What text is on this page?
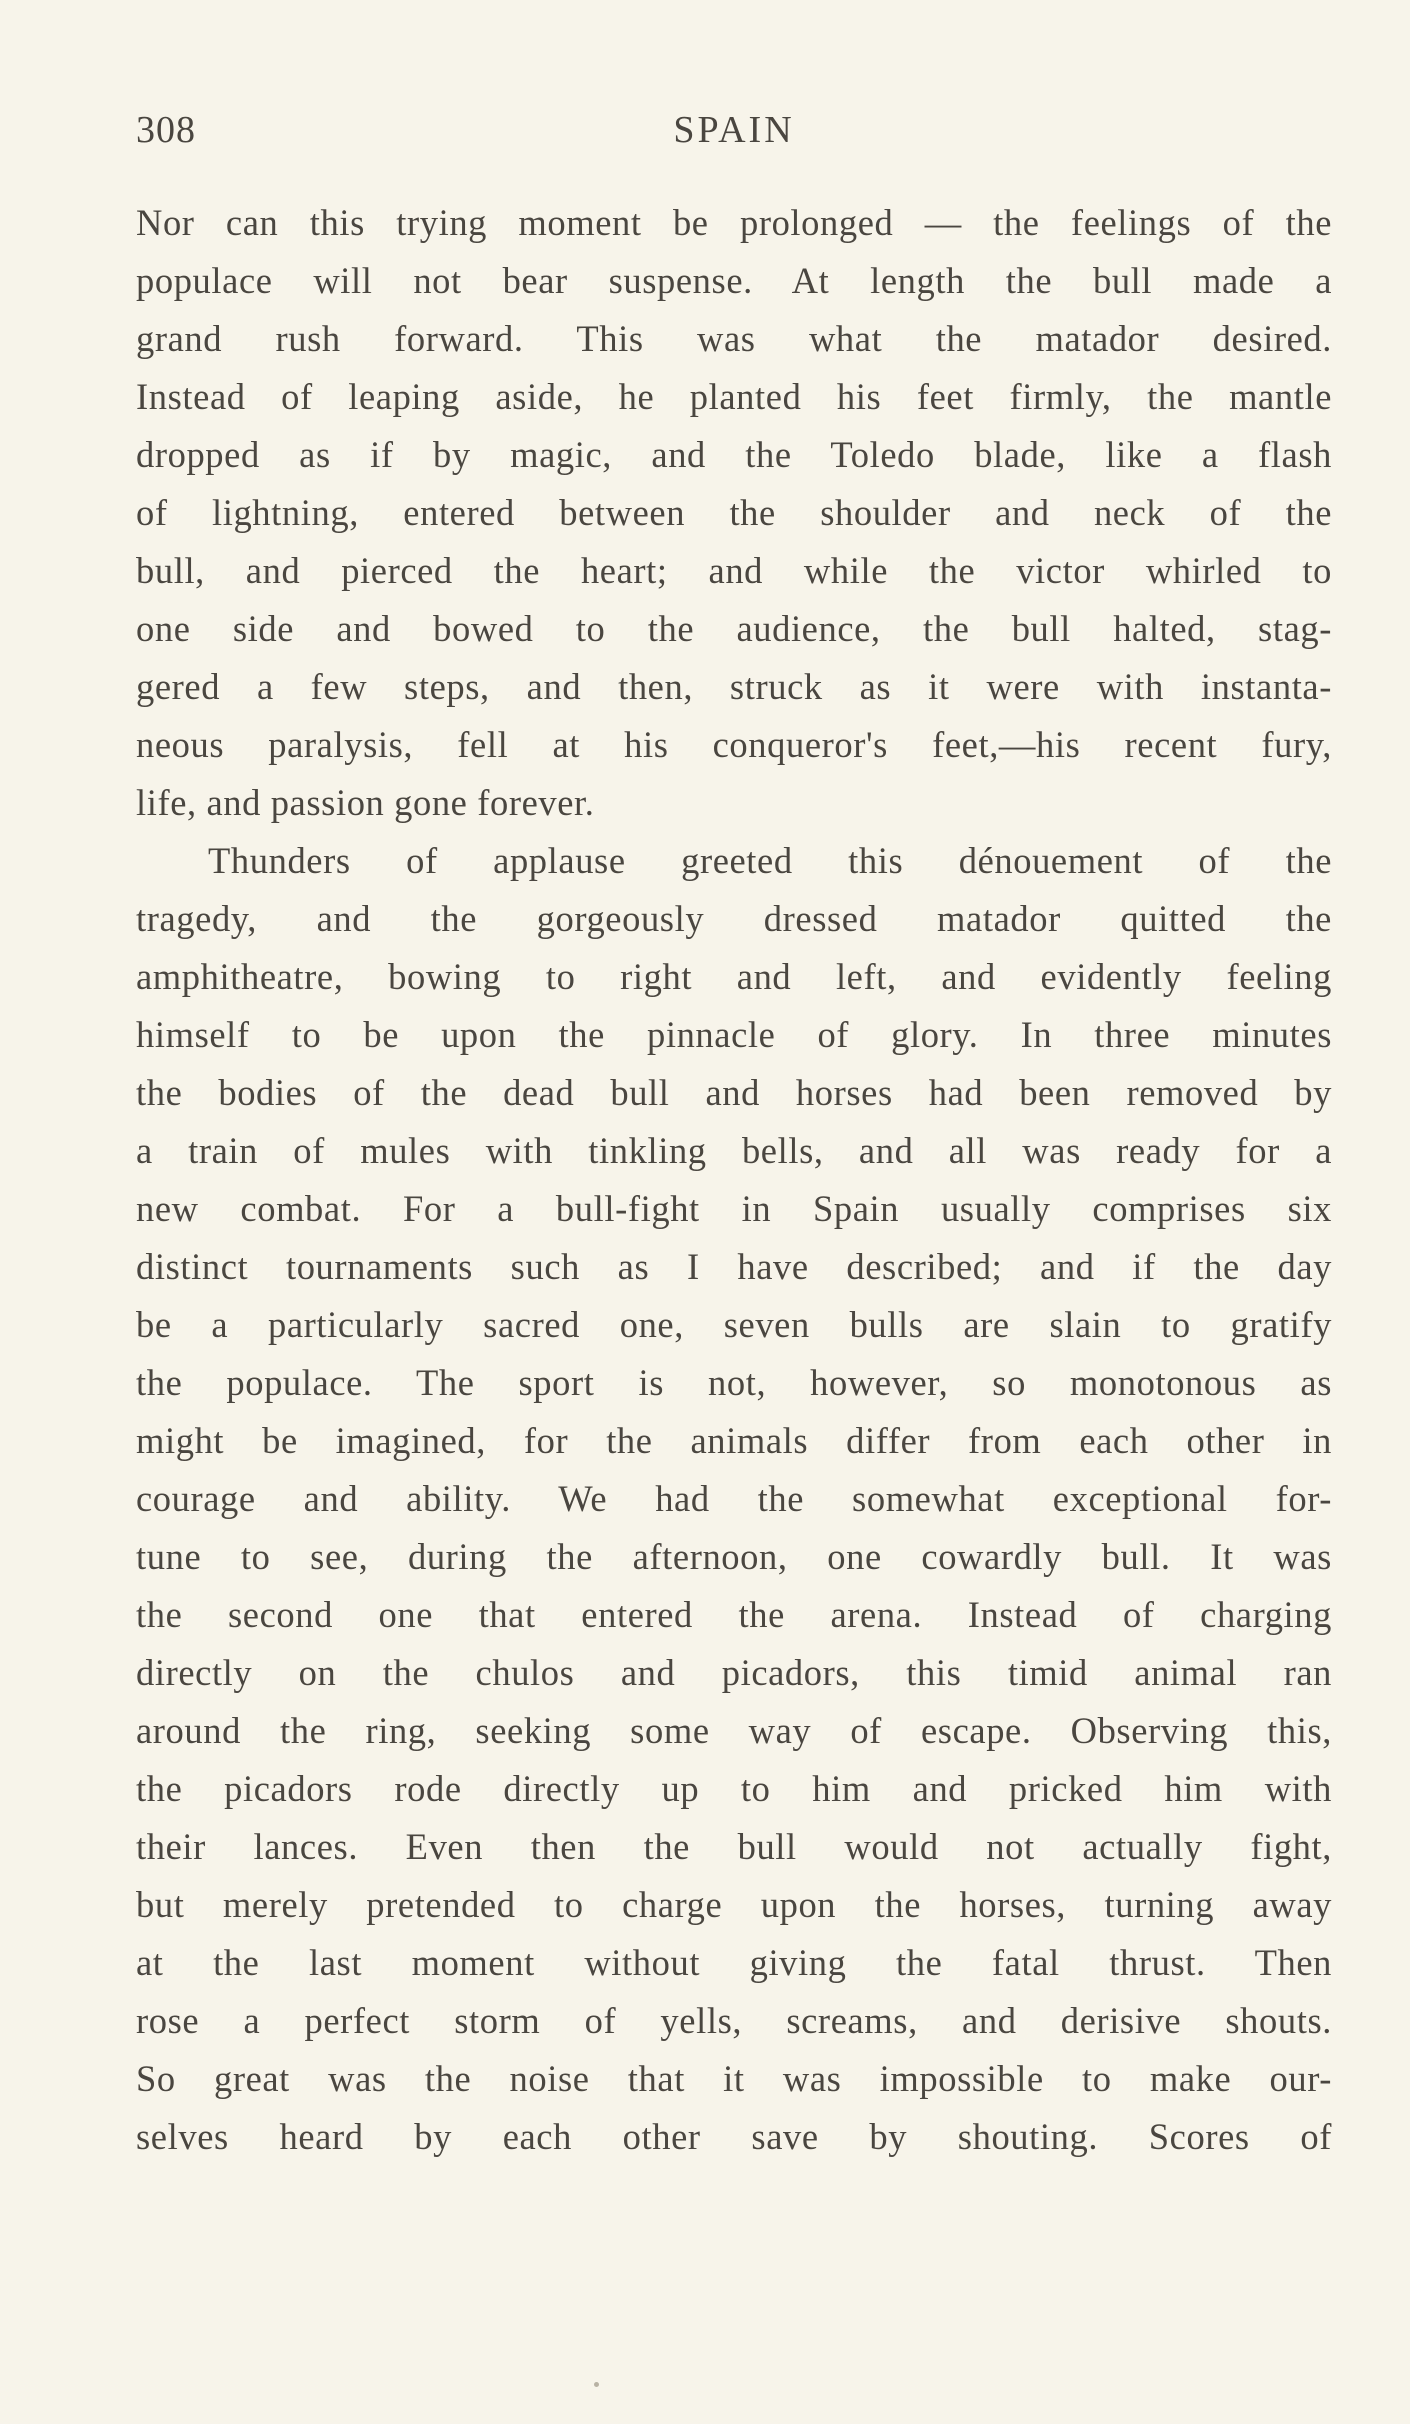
308	SPAIN
Nor can this trying moment be prolonged — the feelings of the
populace will not bear suspense. At length the bull made a
grand rush forward. This was what the matador desired.
Instead of leaping aside, he planted his feet firmly, the mantle
dropped as if by magic, and the Toledo blade, like a flash
of lightning, entered between the shoulder and neck of the
bull, and pierced the heart; and while the victor whirled to
one side and bowed to the audience, the bull halted, stag-
gered a few steps, and then, struck as it were with instanta-
neous paralysis, fell at his conqueror's feet,—his recent fury,
life, and passion gone forever.
Thunders of applause greeted this dénouement of the
tragedy, and the gorgeously dressed matador quitted the
amphitheatre, bowing to right and left, and evidently feeling
himself to be upon the pinnacle of glory. In three minutes
the bodies of the dead bull and horses had been removed by
a train of mules with tinkling bells, and all was ready for a
new combat. For a bull-fight in Spain usually comprises six
distinct tournaments such as I have described; and if the day
be a particularly sacred one, seven bulls are slain to gratify
the populace. The sport is not, however, so monotonous as
might be imagined, for the animals differ from each other in
courage and ability. We had the somewhat exceptional for-
tune to see, during the afternoon, one cowardly bull. It was
the second one that entered the arena. Instead of charging
directly on the chulos and picadors, this timid animal ran
around the ring, seeking some way of escape. Observing this,
the picadors rode directly up to him and pricked him with
their lances. Even then the bull would not actually fight,
but merely pretended to charge upon the horses, turning away
at the last moment without giving the fatal thrust. Then
rose a perfect storm of yells, screams, and derisive shouts.
So great was the noise that it was impossible to make our-
selves heard by each other save by shouting. Scores of
